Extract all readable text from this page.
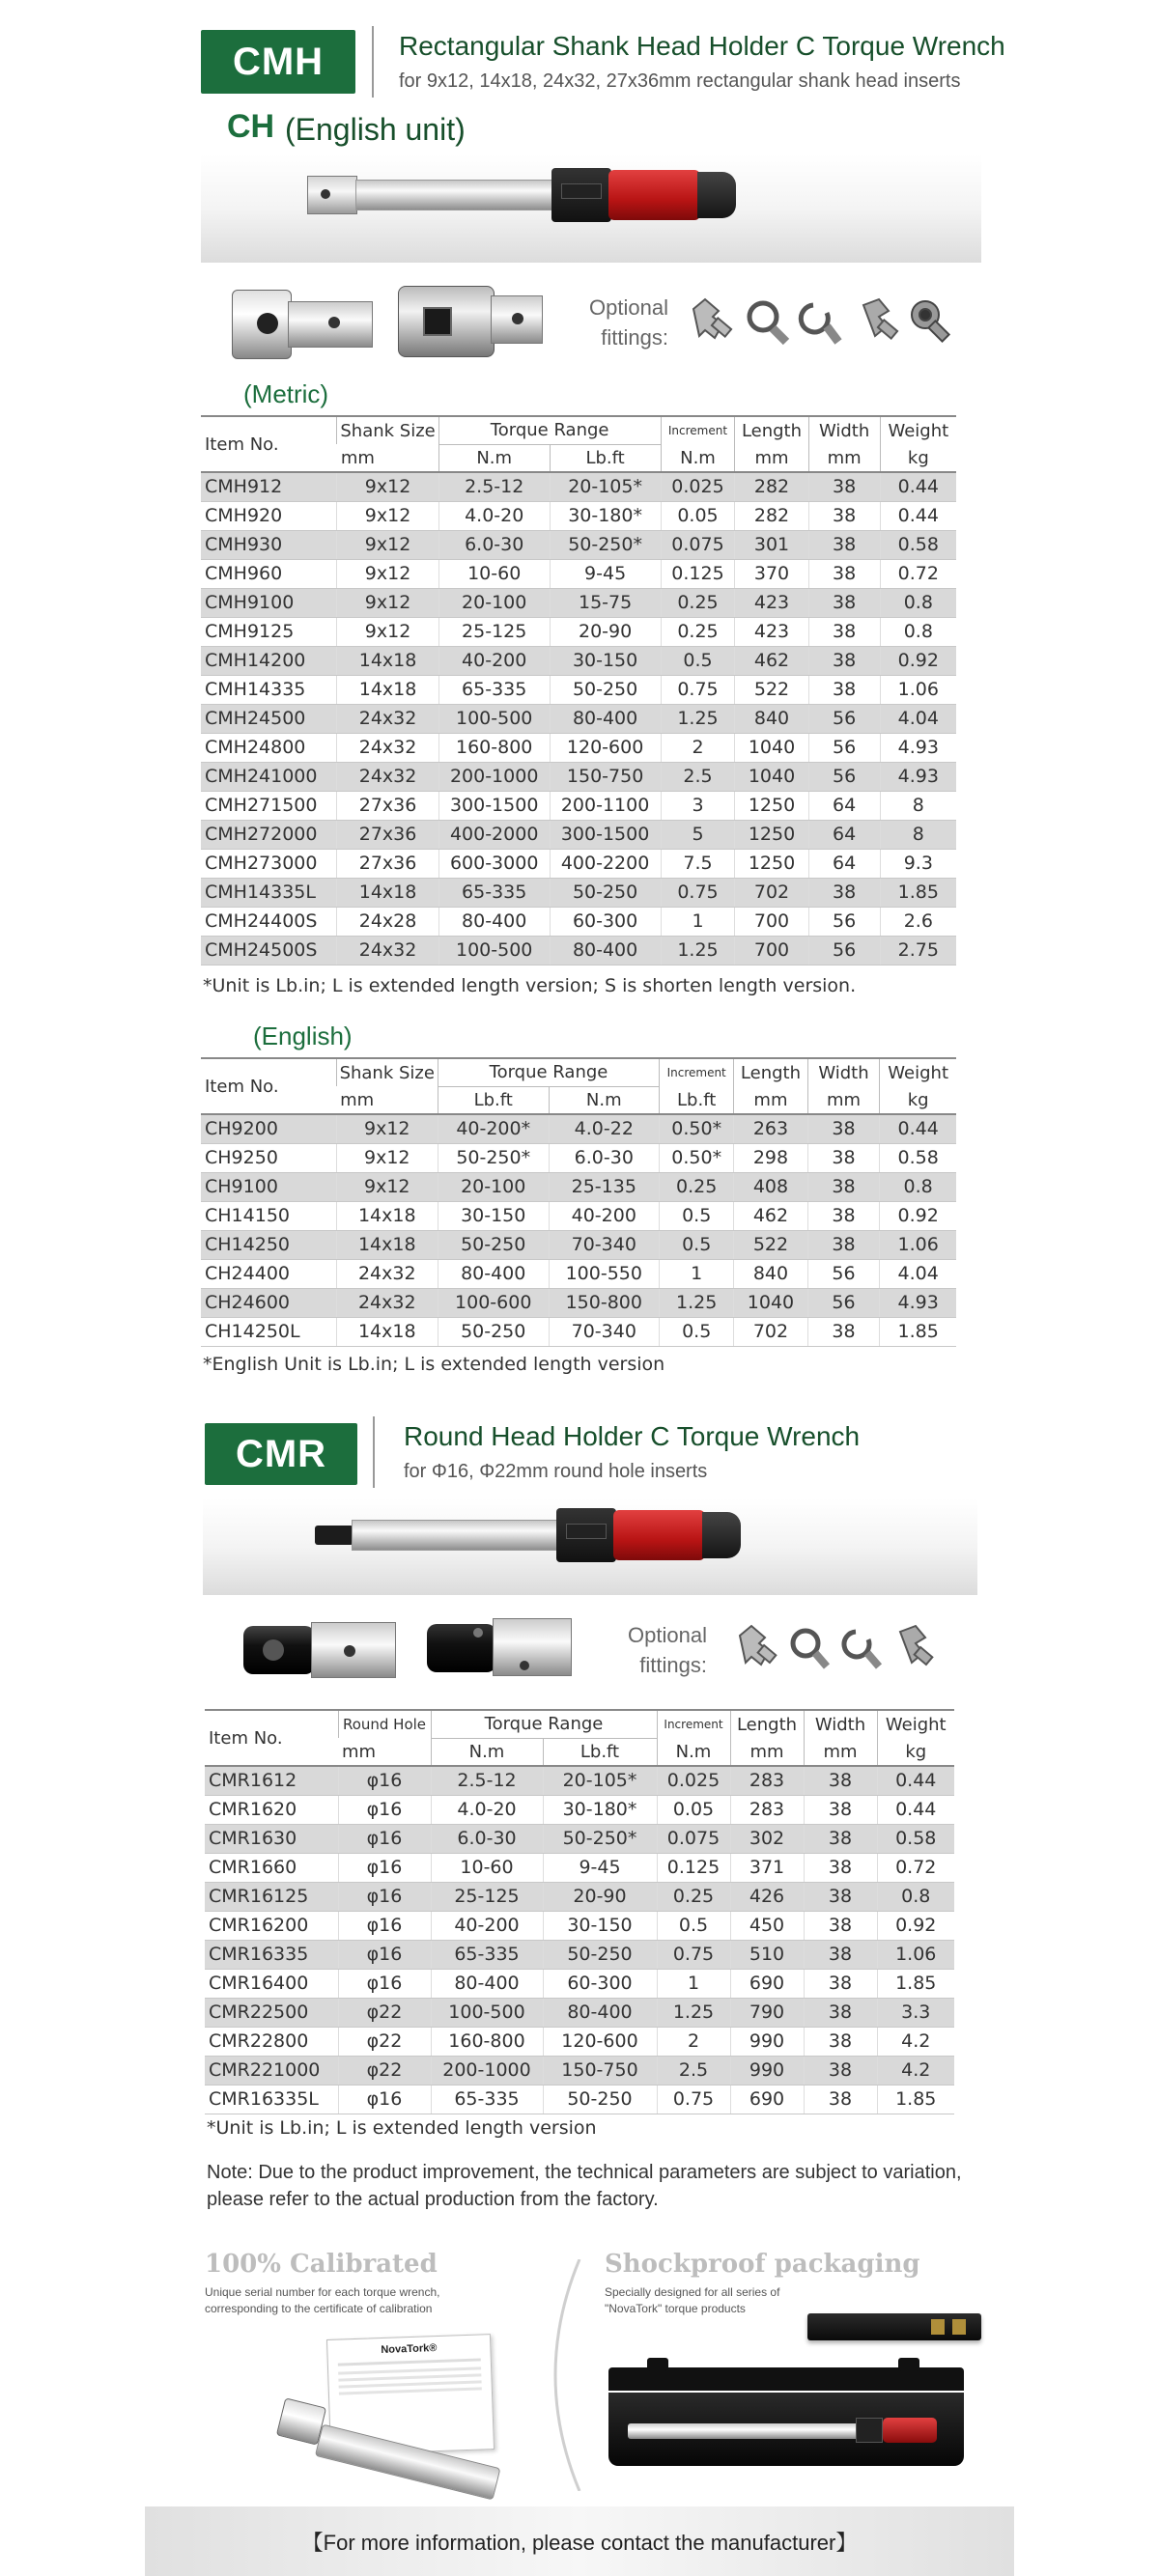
CMH	Rectangular Shank Head Holder C Torque Wrench
for 9x12, 14x18, 24x32, 27x36mm rectangular shank head inserts
CH (English unit)
Optional
fittings:
(Metric)
Item No.	Shank Size	Torque Range		Increment	Length	Width	Weight
	mm	N.m	Lb.ft	N.m	mm	mm	kg
CMH912	9x12	2.5-12	20-105*	0.025	282	38	0.44
CMH920	9x12	4.0-20	30-180*	0.05	282	38	0.44
CMH930	9x12	6.0-30	50-250*	0.075	301	38	0.58
CMH960	9x12	10-60	9-45	0.125	370	38	0.72
CMH9100	9x12	20-100	15-75	0.25	423	38	0.8
CMH9125	9x12	25-125	20-90	0.25	423	38	0.8
CMH14200	14x18	40-200	30-150	0.5	462	38	0.92
CMH14335	14x18	65-335	50-250	0.75	522	38	1.06
CMH24500	24x32	100-500	80-400	1.25	840	56	4.04
CMH24800	24x32	160-800	120-600	2	1040	56	4.93
CMH241000	24x32	200-1000	150-750	2.5	1040	56	4.93
CMH271500	27x36	300-1500	200-1100	3	1250	64	8
CMH272000	27x36	400-2000	300-1500	5	1250	64	8
CMH273000	27x36	600-3000	400-2200	7.5	1250	64	9.3
CMH14335L	14x18	65-335	50-250	0.75	702	38	1.85
CMH24400S	24x28	80-400	60-300	1	700	56	2.6
CMH24500S	24x32	100-500	80-400	1.25	700	56	2.75
*Unit is Lb.in; L is extended length version; S is shorten length version.
(English)
Item No.	Shank Size	Torque Range		Increment	Length	Width	Weight
	mm	Lb.ft	N.m	Lb.ft	mm	mm	kg
CH9200	9x12	40-200*	4.0-22	0.50*	263	38	0.44
CH9250	9x12	50-250*	6.0-30	0.50*	298	38	0.58
CH9100	9x12	20-100	25-135	0.25	408	38	0.8
CH14150	14x18	30-150	40-200	0.5	462	38	0.92
CH14250	14x18	50-250	70-340	0.5	522	38	1.06
CH24400	24x32	80-400	100-550	1	840	56	4.04
CH24600	24x32	100-600	150-800	1.25	1040	56	4.93
CH14250L	14x18	50-250	70-340	0.5	702	38	1.85
*English Unit is Lb.in; L is extended length version
CMR	Round Head Holder C Torque Wrench
for Φ16, Φ22mm round hole inserts
Optional
fittings:
Item No.	Round Hole	Torque Range		Increment	Length	Width	Weight
	mm	N.m	Lb.ft	N.m	mm	mm	kg
CMR1612	φ16	2.5-12	20-105*	0.025	283	38	0.44
CMR1620	φ16	4.0-20	30-180*	0.05	283	38	0.44
CMR1630	φ16	6.0-30	50-250*	0.075	302	38	0.58
CMR1660	φ16	10-60	9-45	0.125	371	38	0.72
CMR16125	φ16	25-125	20-90	0.25	426	38	0.8
CMR16200	φ16	40-200	30-150	0.5	450	38	0.92
CMR16335	φ16	65-335	50-250	0.75	510	38	1.06
CMR16400	φ16	80-400	60-300	1	690	38	1.85
CMR22500	φ22	100-500	80-400	1.25	790	38	3.3
CMR22800	φ22	160-800	120-600	2	990	38	4.2
CMR221000	φ22	200-1000	150-750	2.5	990	38	4.2
CMR16335L	φ16	65-335	50-250	0.75	690	38	1.85
*Unit is Lb.in; L is extended length version
Note: Due to the product improvement, the technical parameters are subject to variation,
please refer to the actual production from the factory.
100% Calibrated
Unique serial number for each torque wrench,
corresponding to the certificate of calibration
NovaTork®
Shockproof packaging
Specially designed for all series of
"NovaTork" torque products
【For more information, please contact the manufacturer】
